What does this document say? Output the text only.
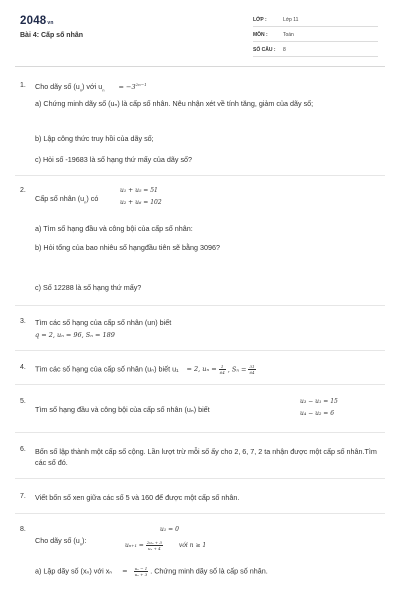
2048vn
Bài 4: Cấp số nhân
LỚP :	Lớp 11
MÔN :	Toán
SỐ CÂU : 8
1. Cho dãy số $(u_n)$ với $u_n = -3^{2n-1}$
a) Chứng minh dãy số (uₙ) là cấp số nhân. Nêu nhận xét về tính tăng, giảm của dãy số;
b) Lập công thức truy hồi của dãy số;
c) Hỏi số -19683 là số hạng thứ mấy của dãy số?
2.
Cấp số nhân $(u_n)$ có
u₁ + u₅ = 51
u₂ + u₆ = 102
a) Tìm số hạng đầu và công bội của cấp số nhân:
b) Hỏi tổng của bao nhiêu số hạngđầu tiên sẽ bằng 3096?
c) Số 12288 là số hạng thứ mấy?
3. Tìm các số hạng của cấp số nhân (un) biết
q = 2, uₙ = 96, Sₙ = 189
4. Tìm các số hạng của cấp số nhân (uₙ) biết u₁ = 2, $u_n = \frac{1}{64}$ , $S_n = \frac{31}{64}$
5.
Tìm số hạng đầu và công bội của cấp số nhân (uₙ) biết
u₃ − u₁ = 15
u₄ − u₂ = 6
6. Bốn số lập thành một cấp số cộng. Lần lượt trừ mỗi số ấy cho 2, 6, 7, 2 ta nhận được một cấp số nhân.Tìm các số đó.
7. Viết bốn số xen giữa các số 5 và 160 để được một cấp số nhân.
8.
Cho dãy số $(u_n)$:
u₁ = 0
$u_{n+1} = \frac{\text{2uₙ + 3}}{\text{uₙ + 4}}$	với n ≥ 1
a) Lập dãy số (xₙ) với $x_n = \frac{\text{uₙ − 1}}{\text{uₙ + 3}}$ . Chứng minh dãy số là cấp số nhân.
